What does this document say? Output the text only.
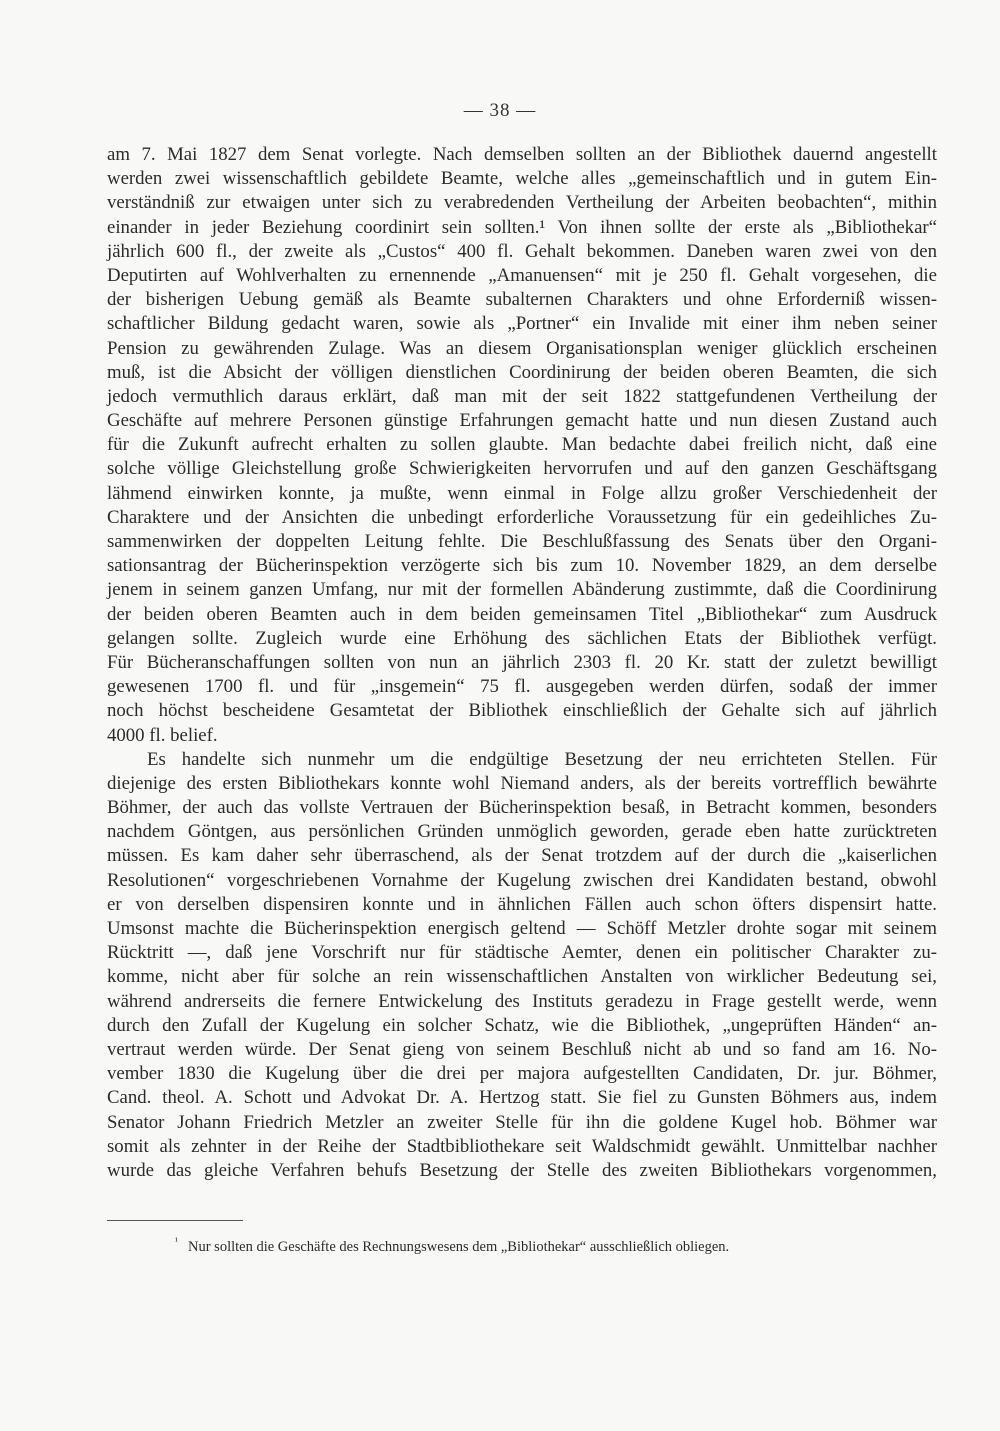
— 38 —
am 7. Mai 1827 dem Senat vorlegte. Nach demselben sollten an der Bibliothek dauernd angestellt
werden zwei wissenschaftlich gebildete Beamte, welche alles „gemeinschaftlich und in gutem Ein-
verständniß zur etwaigen unter sich zu verabredenden Vertheilung der Arbeiten beobachten“, mithin
einander in jeder Beziehung coordinirt sein sollten.¹ Von ihnen sollte der erste als „Bibliothekar“
jährlich 600 fl., der zweite als „Custos“ 400 fl. Gehalt bekommen. Daneben waren zwei von den
Deputirten auf Wohlverhalten zu ernennende „Amanuensen“ mit je 250 fl. Gehalt vorgesehen, die
der bisherigen Uebung gemäß als Beamte subalternen Charakters und ohne Erforderniß wissen-
schaftlicher Bildung gedacht waren, sowie als „Portner“ ein Invalide mit einer ihm neben seiner
Pension zu gewährenden Zulage. Was an diesem Organisationsplan weniger glücklich erscheinen
muß, ist die Absicht der völligen dienstlichen Coordinirung der beiden oberen Beamten, die sich
jedoch vermuthlich daraus erklärt, daß man mit der seit 1822 stattgefundenen Vertheilung der
Geschäfte auf mehrere Personen günstige Erfahrungen gemacht hatte und nun diesen Zustand auch
für die Zukunft aufrecht erhalten zu sollen glaubte. Man bedachte dabei freilich nicht, daß eine
solche völlige Gleichstellung große Schwierigkeiten hervorrufen und auf den ganzen Geschäftsgang
lähmend einwirken konnte, ja mußte, wenn einmal in Folge allzu großer Verschiedenheit der
Charaktere und der Ansichten die unbedingt erforderliche Voraussetzung für ein gedeihliches Zu-
sammenwirken der doppelten Leitung fehlte. Die Beschlußfassung des Senats über den Organi-
sationsantrag der Bücherinspektion verzögerte sich bis zum 10. November 1829, an dem derselbe
jenem in seinem ganzen Umfang, nur mit der formellen Abänderung zustimmte, daß die Coordinirung
der beiden oberen Beamten auch in dem beiden gemeinsamen Titel „Bibliothekar“ zum Ausdruck
gelangen sollte. Zugleich wurde eine Erhöhung des sächlichen Etats der Bibliothek verfügt.
Für Bücheranschaffungen sollten von nun an jährlich 2303 fl. 20 Kr. statt der zuletzt bewilligt
gewesenen 1700 fl. und für „insgemein“ 75 fl. ausgegeben werden dürfen, sodaß der immer
noch höchst bescheidene Gesamtetat der Bibliothek einschließlich der Gehalte sich auf jährlich
4000 fl. belief.
Es handelte sich nunmehr um die endgültige Besetzung der neu errichteten Stellen. Für
diejenige des ersten Bibliothekars konnte wohl Niemand anders, als der bereits vortrefflich bewährte
Böhmer, der auch das vollste Vertrauen der Bücherinspektion besaß, in Betracht kommen, besonders
nachdem Göntgen, aus persönlichen Gründen unmöglich geworden, gerade eben hatte zurücktreten
müssen. Es kam daher sehr überraschend, als der Senat trotzdem auf der durch die „kaiserlichen
Resolutionen“ vorgeschriebenen Vornahme der Kugelung zwischen drei Kandidaten bestand, obwohl
er von derselben dispensiren konnte und in ähnlichen Fällen auch schon öfters dispensirt hatte.
Umsonst machte die Bücherinspektion energisch geltend — Schöff Metzler drohte sogar mit seinem
Rücktritt —, daß jene Vorschrift nur für städtische Aemter, denen ein politischer Charakter zu-
komme, nicht aber für solche an rein wissenschaftlichen Anstalten von wirklicher Bedeutung sei,
während andrerseits die fernere Entwickelung des Instituts geradezu in Frage gestellt werde, wenn
durch den Zufall der Kugelung ein solcher Schatz, wie die Bibliothek, „ungeprüften Händen“ an-
vertraut werden würde. Der Senat gieng von seinem Beschluß nicht ab und so fand am 16. No-
vember 1830 die Kugelung über die drei per majora aufgestellten Candidaten, Dr. jur. Böhmer,
Cand. theol. A. Schott und Advokat Dr. A. Hertzog statt. Sie fiel zu Gunsten Böhmers aus, indem
Senator Johann Friedrich Metzler an zweiter Stelle für ihn die goldene Kugel hob. Böhmer war
somit als zehnter in der Reihe der Stadtbibliothekare seit Waldschmidt gewählt. Unmittelbar nachher
wurde das gleiche Verfahren behufs Besetzung der Stelle des zweiten Bibliothekars vorgenommen,
$^{^1}$ Nur sollten die Geschäfte des Rechnungswesens dem „Bibliothekar“ ausschließlich obliegen.
